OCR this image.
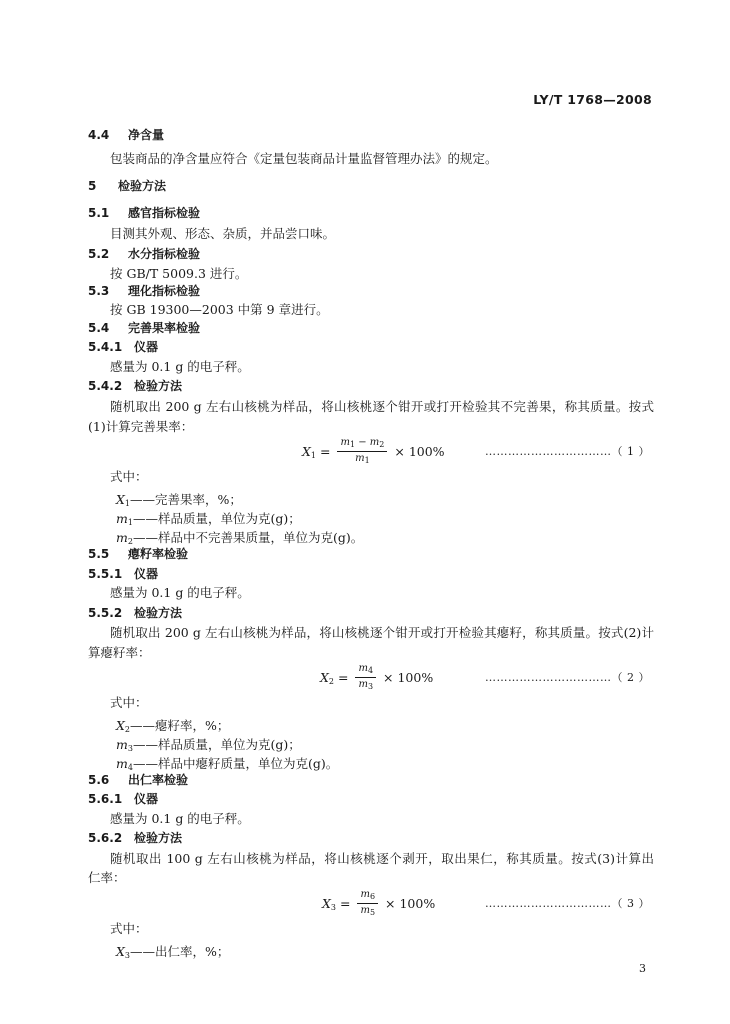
LY/T 1768—2008
4.4 净含量
包装商品的净含量应符合《定量包装商品计量监督管理办法》的规定。
5 检验方法
5.1 感官指标检验
目测其外观、形态、杂质，并品尝口味。
5.2 水分指标检验
按 GB/T 5009.3 进行。
5.3 理化指标检验
按 GB 19300—2003 中第 9 章进行。
5.4 完善果率检验
5.4.1 仪器
感量为 0.1 g 的电子秤。
5.4.2 检验方法
随机取出 200 g 左右山核桃为样品，将山核桃逐个钳开或打开检验其不完善果，称其质量。按式
(1)计算完善果率：
$X_1 = \frac{m_1 - m_2}{m_1} \times 100\%$	……………………………（ 1 ）
式中：
$X_1——$完善果率，%；
$m_1——$样品质量，单位为克(g)；
$m_2——$样品中不完善果质量，单位为克(g)。
5.5 瘪籽率检验
5.5.1 仪器
感量为 0.1 g 的电子秤。
5.5.2 检验方法
随机取出 200 g 左右山核桃为样品，将山核桃逐个钳开或打开检验其瘪籽，称其质量。按式(2)计
算瘪籽率：
$X_2 = \frac{m_4}{m_3} \times 100\%$	……………………………（ 2 ）
式中：
$X_2——$瘪籽率，%；
$m_3——$样品质量，单位为克(g)；
$m_4——$样品中瘪籽质量，单位为克(g)。
5.6 出仁率检验
5.6.1 仪器
感量为 0.1 g 的电子秤。
5.6.2 检验方法
随机取出 100 g 左右山核桃为样品，将山核桃逐个剥开，取出果仁，称其质量。按式(3)计算出
仁率：
$X_3 = \frac{m_6}{m_5} \times 100\%$	……………………………（ 3 ）
式中：
$X_3——$出仁率，%；
3
